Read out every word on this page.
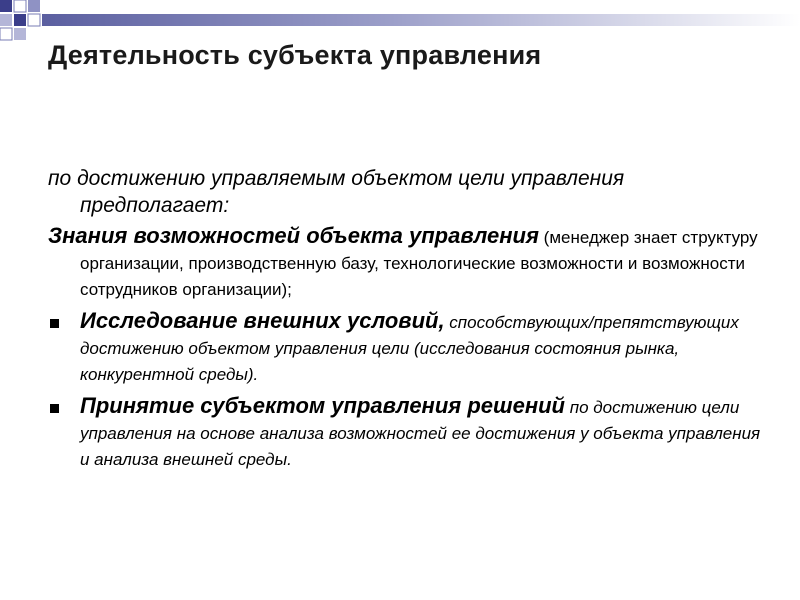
Деятельность субъекта управления

по достижению управляемым объектом цели управления предполагает:

Знания возможностей объекта управления (менеджер знает структуру организации, производственную базу, технологические возможности и возможности сотрудников организации);

Исследование внешних условий, способствующих/препятствующих достижению объектом управления цели (исследования состояния рынка, конкурентной среды).
Принятие субъектом управления решений по достижению цели управления на основе анализа возможностей ее достижения у объекта управления и анализа внешней среды.
